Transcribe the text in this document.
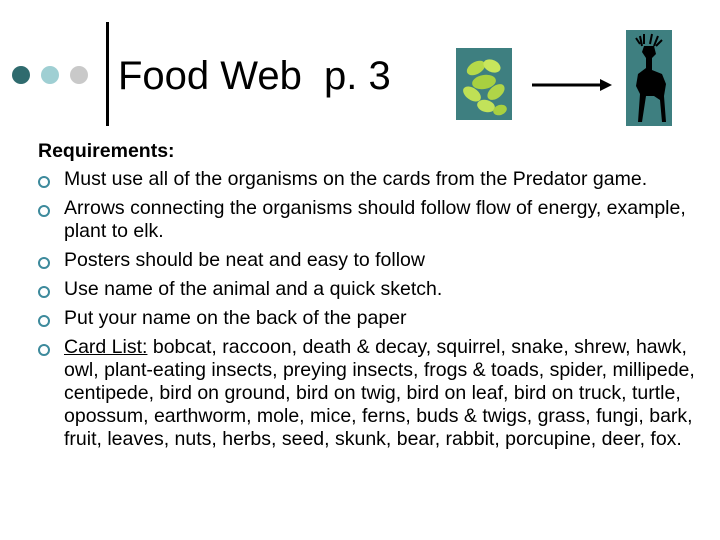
Food Web  p. 3
Requirements:
Must use all of the organisms on the cards from the Predator game.
Arrows connecting the organisms should follow flow of energy, example, plant to elk.
Posters should be neat and easy to follow
Use name of the animal and a quick sketch.
Put your name on the back of the paper
Card List: bobcat, raccoon, death & decay, squirrel, snake, shrew, hawk, owl, plant-eating insects, preying insects, frogs & toads, spider, millipede, centipede, bird on ground, bird on twig, bird on leaf, bird on truck, turtle, opossum, earthworm, mole, mice, ferns, buds & twigs, grass, fungi, bark, fruit, leaves, nuts, herbs, seed, skunk, bear, rabbit, porcupine, deer, fox.
